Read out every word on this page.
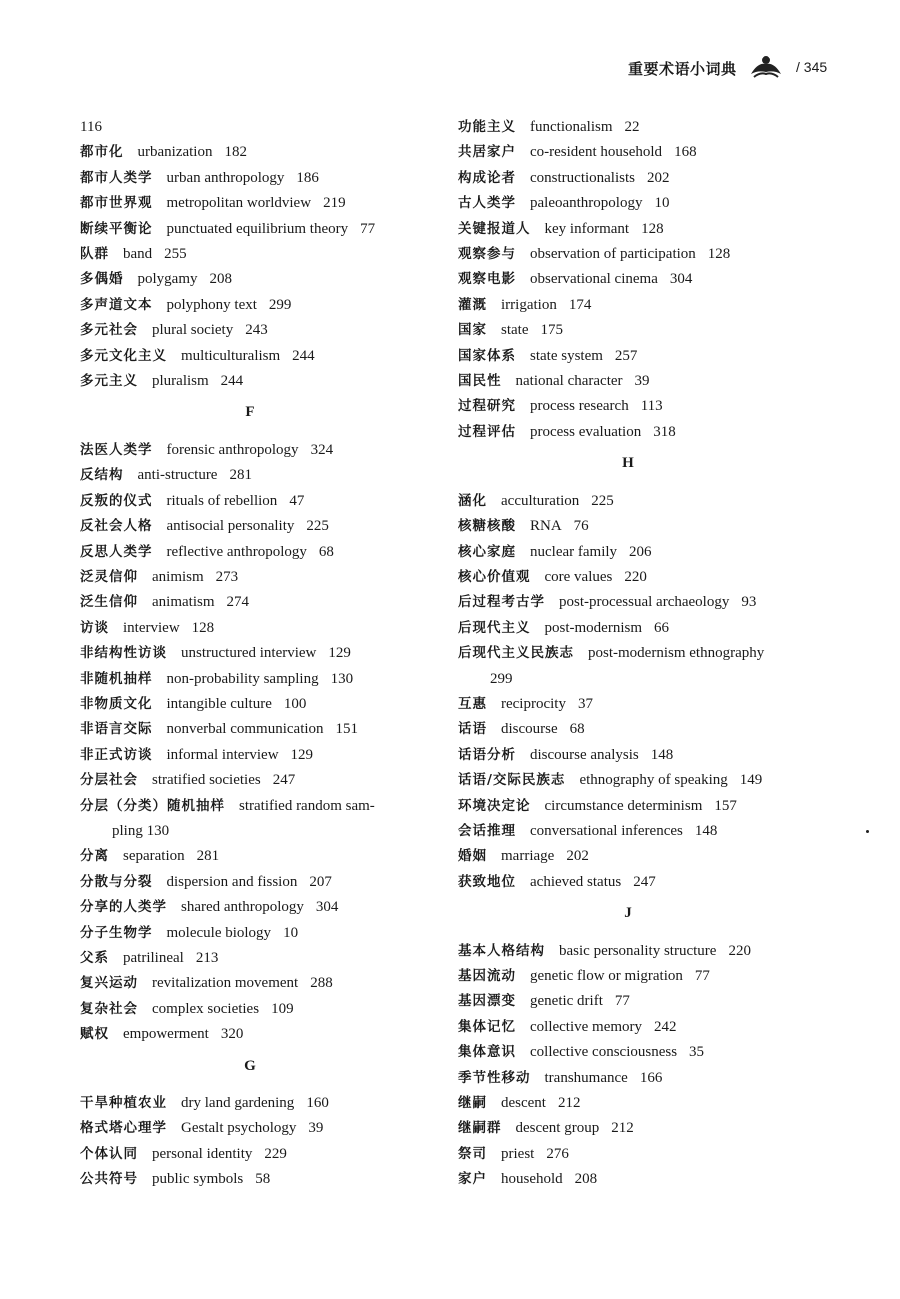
重要术语小词典	/ 345
116
都市化 urbanization 182
都市人类学 urban anthropology 186
都市世界观 metropolitan worldview 219
断续平衡论 punctuated equilibrium theory 77
队群 band 255
多偶婚 polygamy 208
多声道文本 polyphony text 299
多元社会 plural society 243
多元文化主义 multiculturalism 244
多元主义 pluralism 244
F
法医人类学 forensic anthropology 324
反结构 anti-structure 281
反叛的仪式 rituals of rebellion 47
反社会人格 antisocial personality 225
反思人类学 reflective anthropology 68
泛灵信仰 animism 273
泛生信仰 animatism 274
访谈 interview 128
非结构性访谈 unstructured interview 129
非随机抽样 non-probability sampling 130
非物质文化 intangible culture 100
非语言交际 nonverbal communication 151
非正式访谈 informal interview 129
分层社会 stratified societies 247
分层（分类）随机抽样 stratified random sam-
pling 130
分离 separation 281
分散与分裂 dispersion and fission 207
分享的人类学 shared anthropology 304
分子生物学 molecule biology 10
父系 patrilineal 213
复兴运动 revitalization movement 288
复杂社会 complex societies 109
赋权 empowerment 320
G
干旱种植农业 dry land gardening 160
格式塔心理学 Gestalt psychology 39
个体认同 personal identity 229
公共符号 public symbols 58
功能主义 functionalism 22
共居家户 co-resident household 168
构成论者 constructionalists 202
古人类学 paleoanthropology 10
关键报道人 key informant 128
观察参与 observation of participation 128
观察电影 observational cinema 304
灌溉 irrigation 174
国家 state 175
国家体系 state system 257
国民性 national character 39
过程研究 process research 113
过程评估 process evaluation 318
H
涵化 acculturation 225
核糖核酸 RNA 76
核心家庭 nuclear family 206
核心价值观 core values 220
后过程考古学 post-processual archaeology 93
后现代主义 post-modernism 66
后现代主义民族志 post-modernism ethnography
299
互惠 reciprocity 37
话语 discourse 68
话语分析 discourse analysis 148
话语/交际民族志 ethnography of speaking 149
环境决定论 circumstance determinism 157
会话推理 conversational inferences 148
婚姻 marriage 202
获致地位 achieved status 247
J
基本人格结构 basic personality structure 220
基因流动 genetic flow or migration 77
基因漂变 genetic drift 77
集体记忆 collective memory 242
集体意识 collective consciousness 35
季节性移动 transhumance 166
继嗣 descent 212
继嗣群 descent group 212
祭司 priest 276
家户 household 208
